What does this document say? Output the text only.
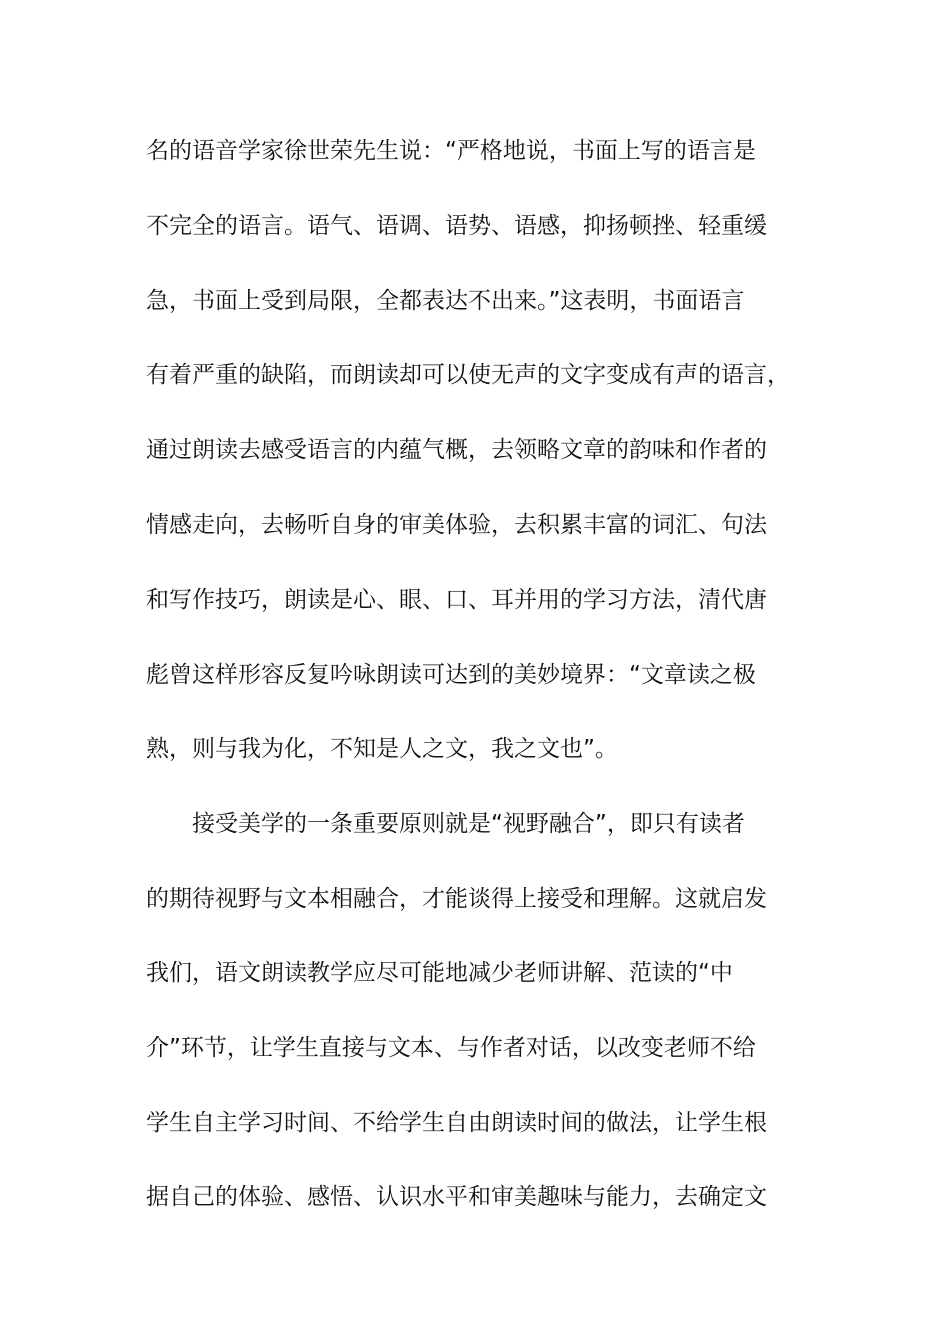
名的语音学家徐世荣先生说：“严格地说，书面上写的语言是
不完全的语言。语气、语调、语势、语感，抑扬顿挫、轻重缓
急，书面上受到局限，全都表达不出来。”这表明，书面语言
有着严重的缺陷，而朗读却可以使无声的文字变成有声的语言，
通过朗读去感受语言的内蕴气概，去领略文章的韵味和作者的
情感走向，去畅听自身的审美体验，去积累丰富的词汇、句法
和写作技巧，朗读是心、眼、口、耳并用的学习方法，清代唐
彪曾这样形容反复吟咏朗读可达到的美妙境界：“文章读之极
熟，则与我为化，不知是人之文，我之文也”。
接受美学的一条重要原则就是“视野融合”，即只有读者
的期待视野与文本相融合，才能谈得上接受和理解。这就启发
我们，语文朗读教学应尽可能地减少老师讲解、范读的“中
介”环节，让学生直接与文本、与作者对话，以改变老师不给
学生自主学习时间、不给学生自由朗读时间的做法，让学生根
据自己的体验、感悟、认识水平和审美趣味与能力，去确定文
